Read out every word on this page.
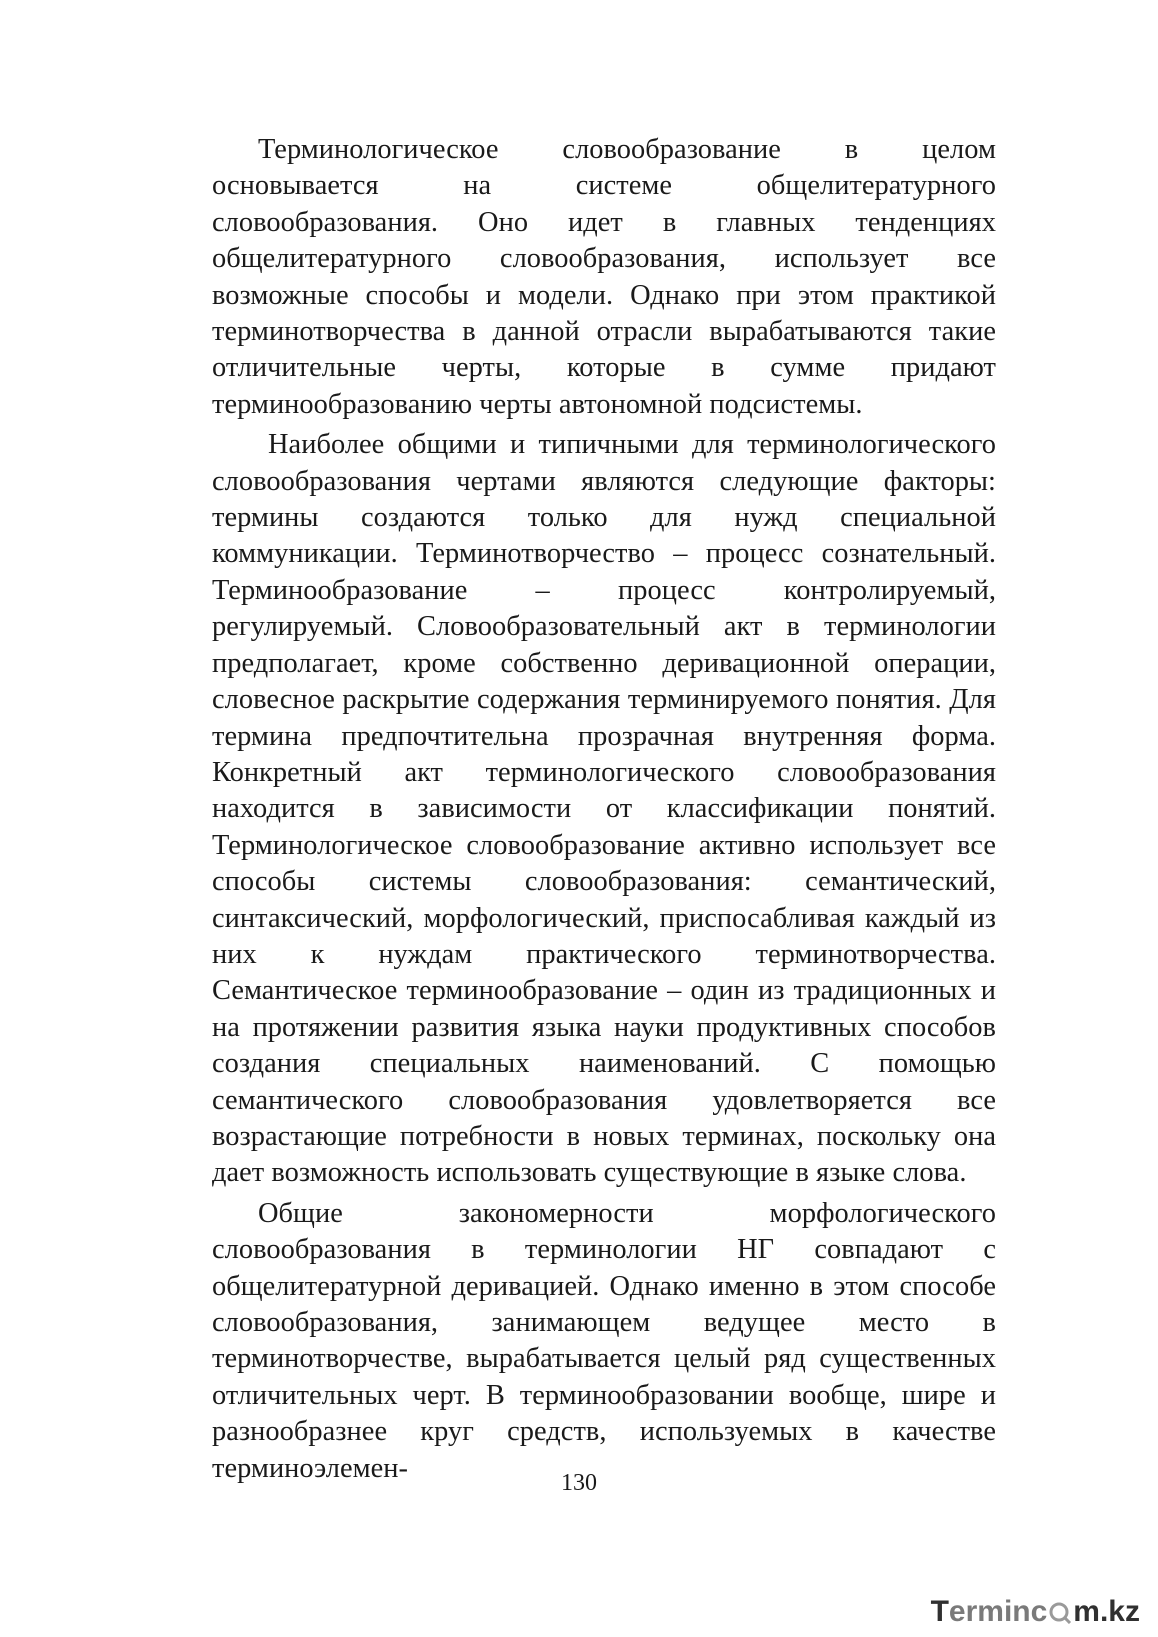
Терминологическое словообразование в целом основывается на системе общелитературного словообразования. Оно идет в главных тенденциях общелитературного словообразования, использует все возможные способы и модели. Однако при этом практикой терминотворчества в данной отрасли вырабатываются такие отличительные черты, которые в сумме придают терминообразованию черты автономной подсистемы.

Наиболее общими и типичными для терминологического словообразования чертами являются следующие факторы: термины создаются только для нужд специальной коммуникации. Терминотворчество – процесс сознательный. Терминообразование – процесс контролируемый, регулируемый. Словообразовательный акт в терминологии предполагает, кроме собственно деривационной операции, словесное раскрытие содержания терминируемого понятия. Для термина предпочтительна прозрачная внутренняя форма. Конкретный акт терминологического словообразования находится в зависимости от классификации понятий. Терминологическое словообразование активно использует все способы системы словообразования: семантический, синтаксический, морфологический, приспосабливая каждый из них к нуждам практического терминотворчества. Семантическое терминообразование – один из традиционных и на протяжении развития языка науки продуктивных способов создания специальных наименований. С помощью семантического словообразования удовлетворяется все возрастающие потребности в новых терминах, поскольку она дает возможность использовать существующие в языке слова.

Общие закономерности морфологического словообразования в терминологии НГ совпадают с общелитературной деривацией. Однако именно в этом способе словообразования, занимающем ведущее место в терминотворчестве, вырабатывается целый ряд существенных отличительных черт. В терминообразовании вообще, шире и разнообразнее круг средств, используемых в качестве терминоэлемен-	130
T erminc m.kz
